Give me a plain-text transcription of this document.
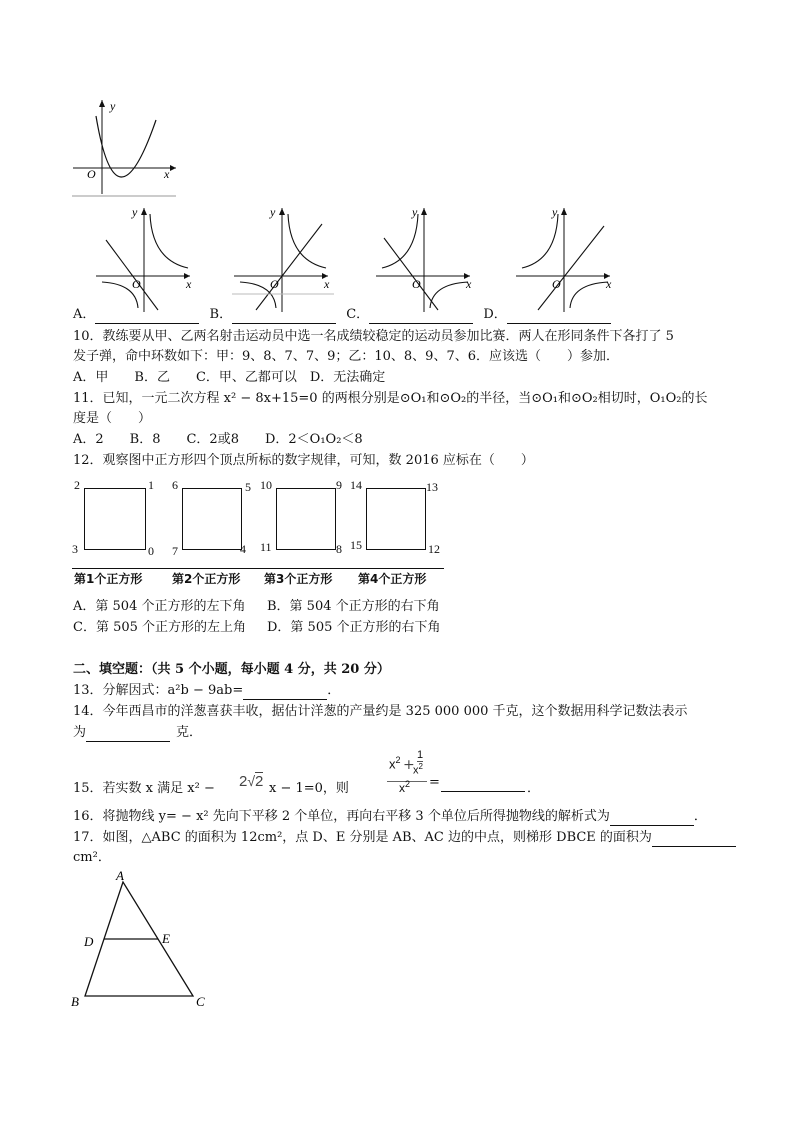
y
x
O
y
x
O
y
x
O
y
x
O
y
x
O
A．	B．	C．	D．
10．教练要从甲、乙两名射击运动员中选一名成绩较稳定的运动员参加比赛．两人在形同条件下各打了 5
发子弹，命中环数如下：甲：9、8、7、7、9；乙：10、8、9、7、6．应该选（　　）参加．
A．甲　　B．乙　　C．甲、乙都可以　D．无法确定
11．已知，一元二次方程 x² − 8x+15=0 的两根分别是⊙O₁和⊙O₂的半径，当⊙O₁和⊙O₂相切时，O₁O₂的长
度是（　　）
A．2　　B．8　　C．2或8　　D．2＜O₁O₂＜8
12．观察图中正方形四个顶点所标的数字规律，可知，数 2016 应标在（　　）
2	1
3	0
6	5
7	4
10	9
11	8
14	13
15	12
第1个正方形 第2个正方形 第3个正方形 第4个正方形
A．第 504 个正方形的左下角 B．第 504 个正方形的右下角
C．第 505 个正方形的左上角 D．第 505 个正方形的右下角
二、填空题：（共 5 个小题，每小题 4 分，共 20 分）
13．分解因式：a²b − 9ab=	．
14．今年西昌市的洋葱喜获丰收，据估计洋葱的产量约是 325 000 000 千克，这个数据用科学记数法表示
为	克．
15．若实数 x 满足 x² − 2√2 x − 1=0，则
$x^2$ +
1
$x^2$
$x^2$ =	．
16．将抛物线 y= − x² 先向下平移 2 个单位，再向右平移 3 个单位后所得抛物线的解析式为	．
17．如图，△ABC 的面积为 12cm²，点 D、E 分别是 AB、AC 边的中点，则梯形 DBCE 的面积为
cm²．
A
B	C
D	E
